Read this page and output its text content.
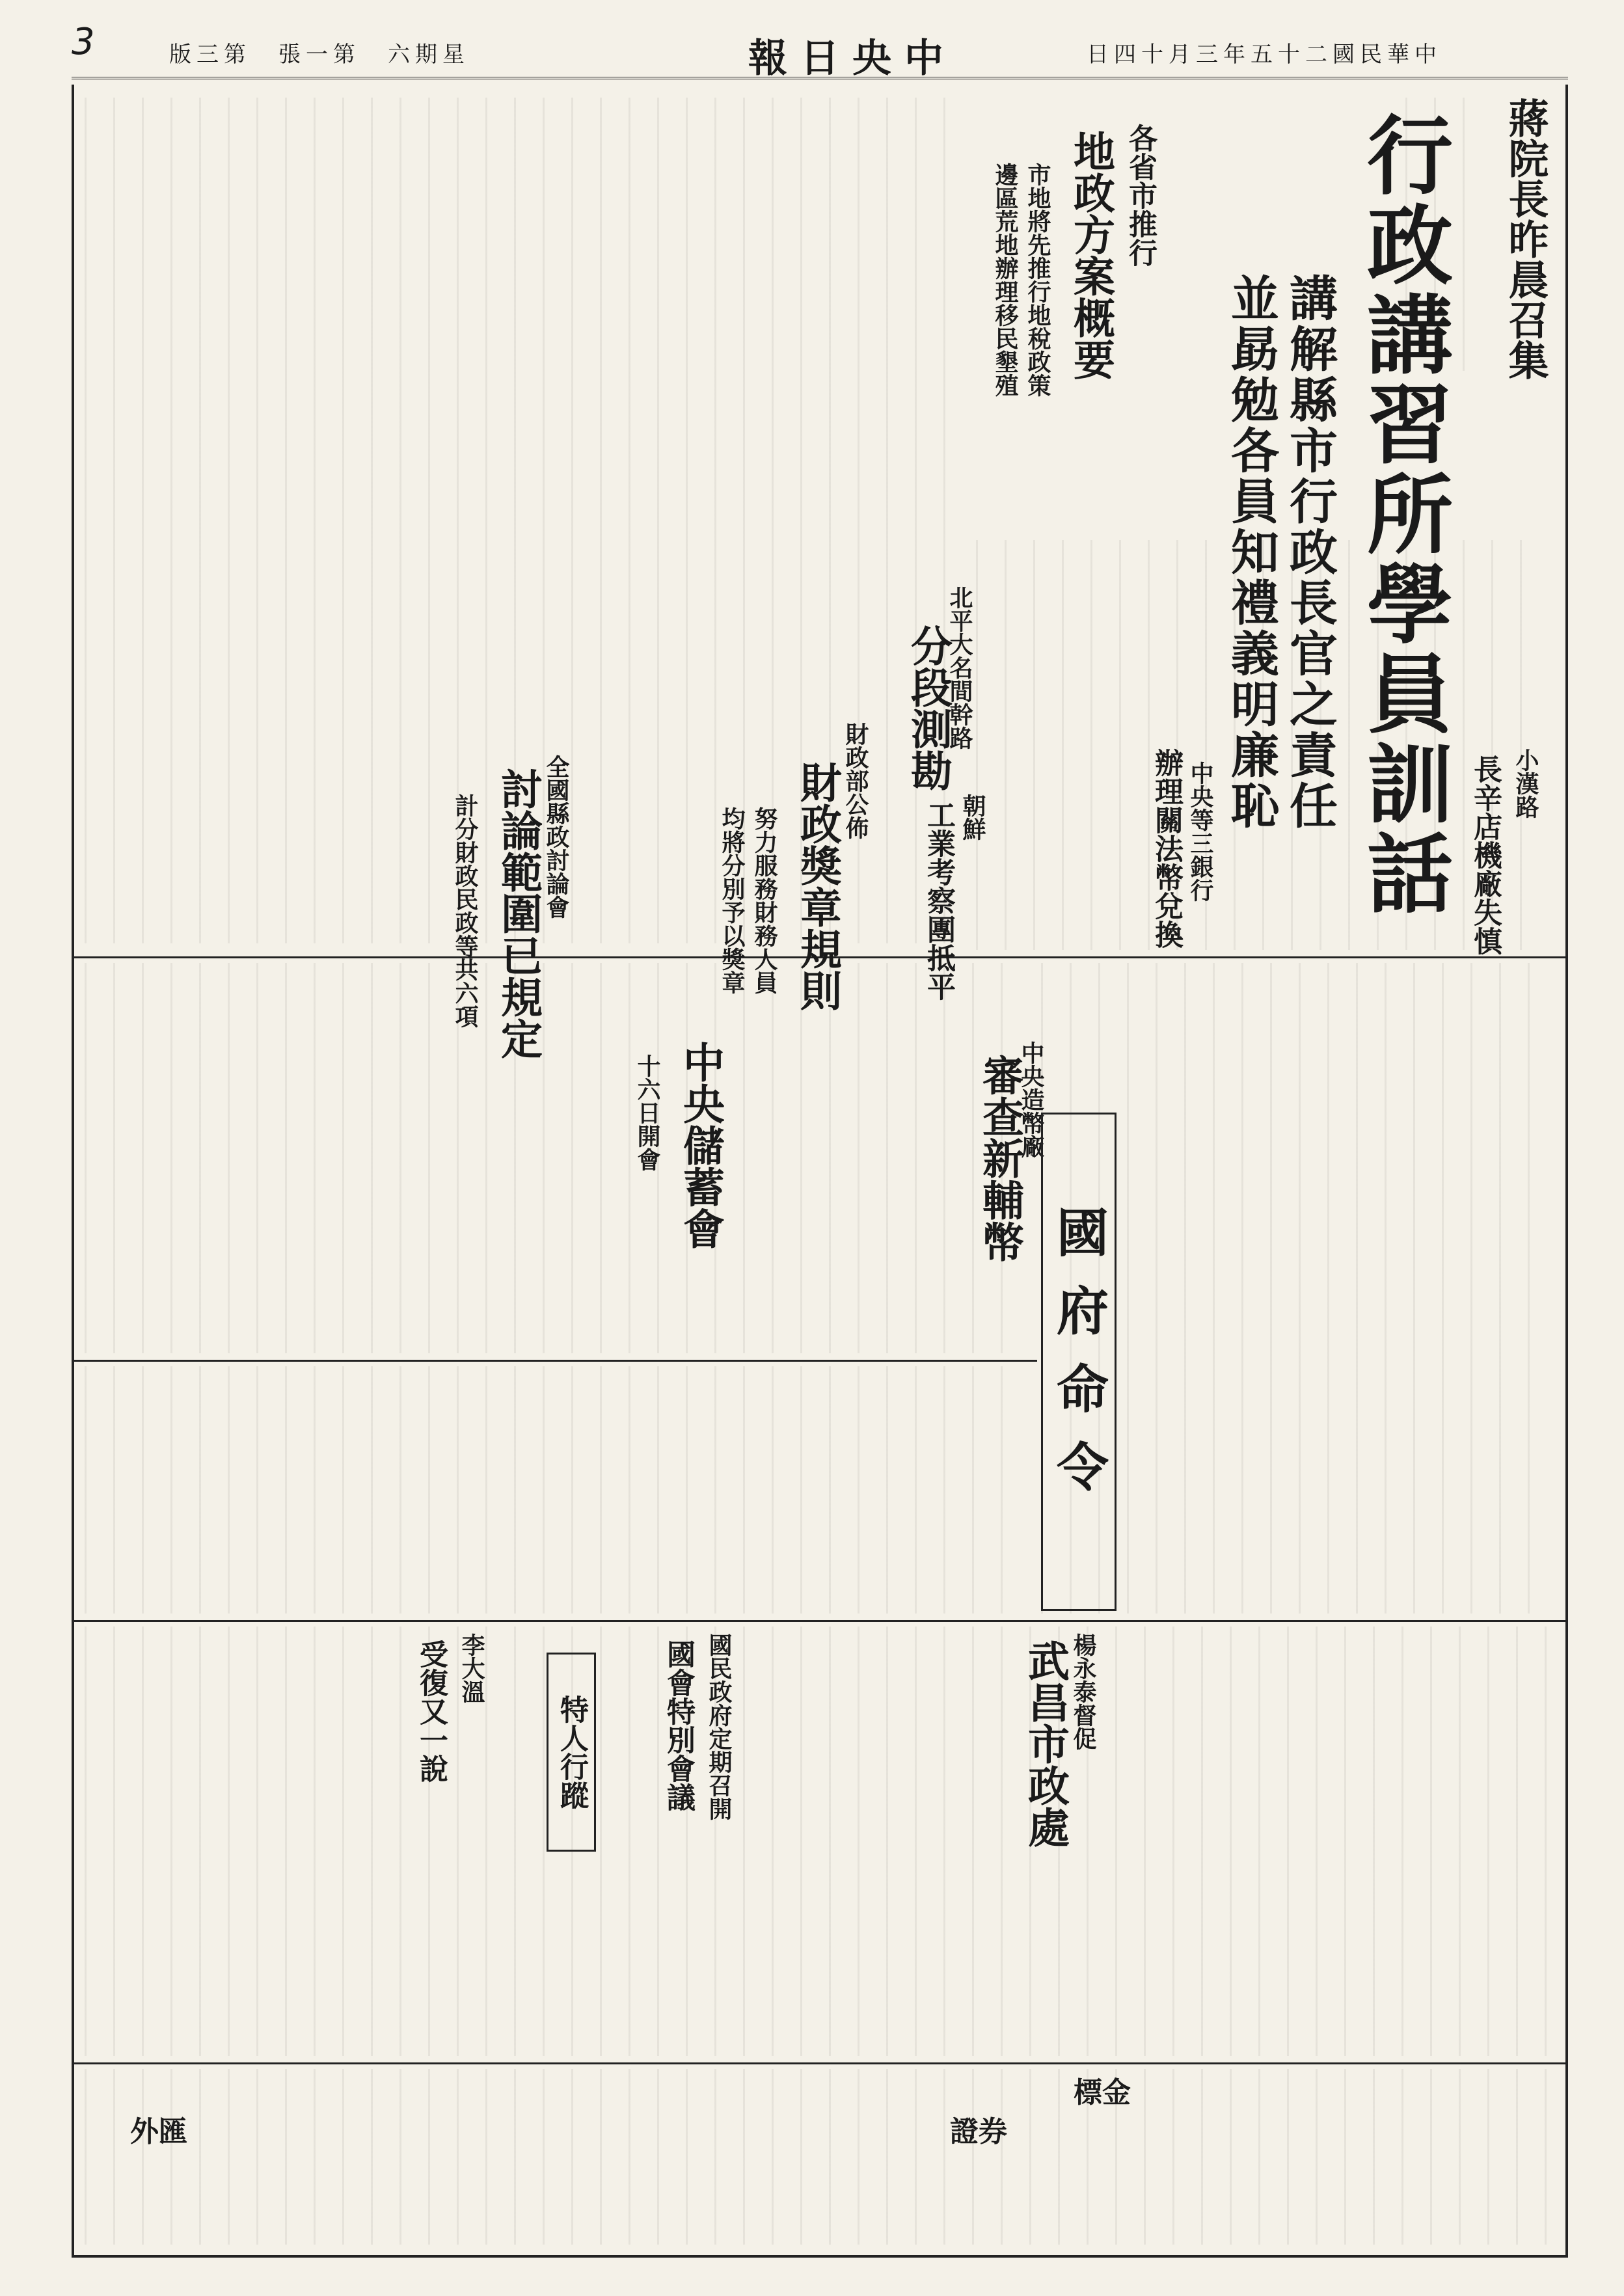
3	版三第　張一第　六期星	報日央中	日四十月三年五十二國民華中
蔣院長昨晨召集
行政講習所學員訓話
講解縣市行政長官之責任
並勗勉各員知禮義明廉恥
各省市推行
地政方案概要
市地將先推行地稅政策
邊區荒地辦理移民墾殖
北平大名間幹路
分段測勘
中央等三銀行
辦理關法幣兌換
朝鮮
工業考察團抵平
財政部公佈
財政獎章規則
努力服務財務人員
均將分別予以獎章
全國縣政討論會
討論範圍已規定
計分財政民政等共六項
小漢路
長辛店機廠失慎
中央造幣廠
審查新輔幣
中央儲蓄會
十六日開會
國府命令
楊永泰督促
武昌市政處
國民政府定期召開
國會特別會議
特人行蹤
李大溫
受復又一說
外匯	證券
標金
